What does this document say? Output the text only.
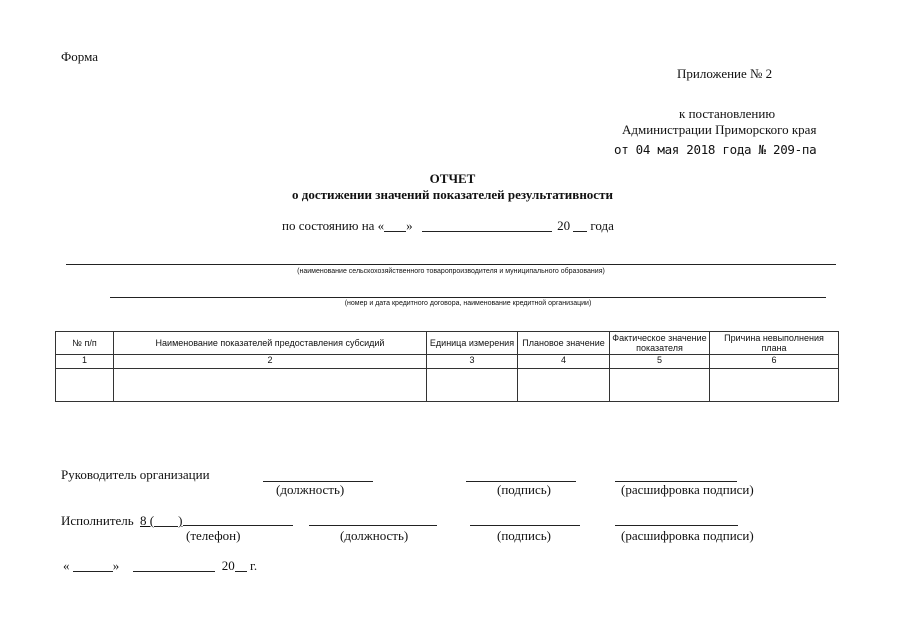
Форма
Приложение № 2
к постановлению
Администрации Приморского края
от 04 мая 2018 года № 209-па
ОТЧЕТ
о достижении значений показателей результативности
по состоянию на « »	20 года
(наименование сельскохозяйственного товаропроизводителя и муниципального образования)
(номер и дата кредитного договора, наименование кредитной организации)
№ п/п	Наименование показателей предоставления субсидий	Единица измерения	Плановое значение	Фактическое значение показателя	Причина невыполнения плана
1	2	3	4	5	6

Руководитель организации
(должность)	(подпись)	(расшифровка подписи)
Исполнитель 8 ( )
(телефон)	(должность)	(подпись)	(расшифровка подписи)
«	»	20 г.
